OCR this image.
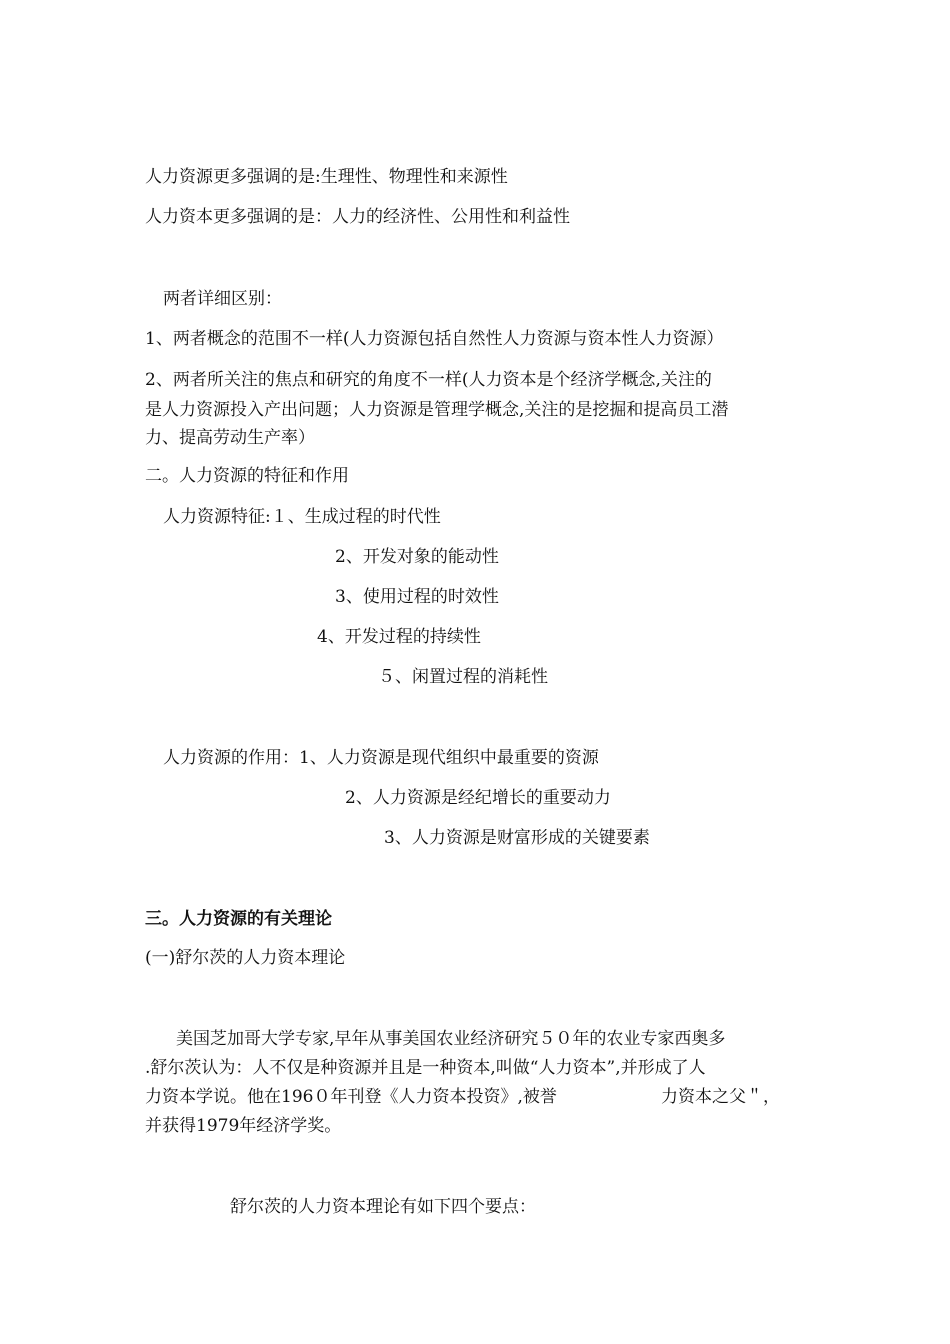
人力资源更多强调的是:生理性、物理性和来源性

人力资本更多强调的是：人力的经济性、公用性和利益性

两者详细区别：

1、两者概念的范围不一样(人力资源包括自然性人力资源与资本性人力资源）

2、两者所关注的焦点和研究的角度不一样(人力资本是个经济学概念,关注的

是人力资源投入产出问题；人力资源是管理学概念,关注的是挖掘和提高员工潜

力、提高劳动生产率）

二。人力资源的特征和作用

人力资源特征:１、生成过程的时代性

2、开发对象的能动性

3、使用过程的时效性

4、开发过程的持续性

５、闲置过程的消耗性

人力资源的作用：1、人力资源是现代组织中最重要的资源

2、人力资源是经纪增长的重要动力

3、人力资源是财富形成的关键要素

三。人力资源的有关理论

(一)舒尔茨的人力资本理论

美国芝加哥大学专家,早年从事美国农业经济研究５０年的农业专家西奥多

.舒尔茨认为：人不仅是种资源并且是一种资本,叫做“人力资本”,并形成了人

力资本学说。他在196０年刊登《人力资本投资》,被誉	力资本之父＂，

并获得1979年经济学奖。

舒尔茨的人力资本理论有如下四个要点：
